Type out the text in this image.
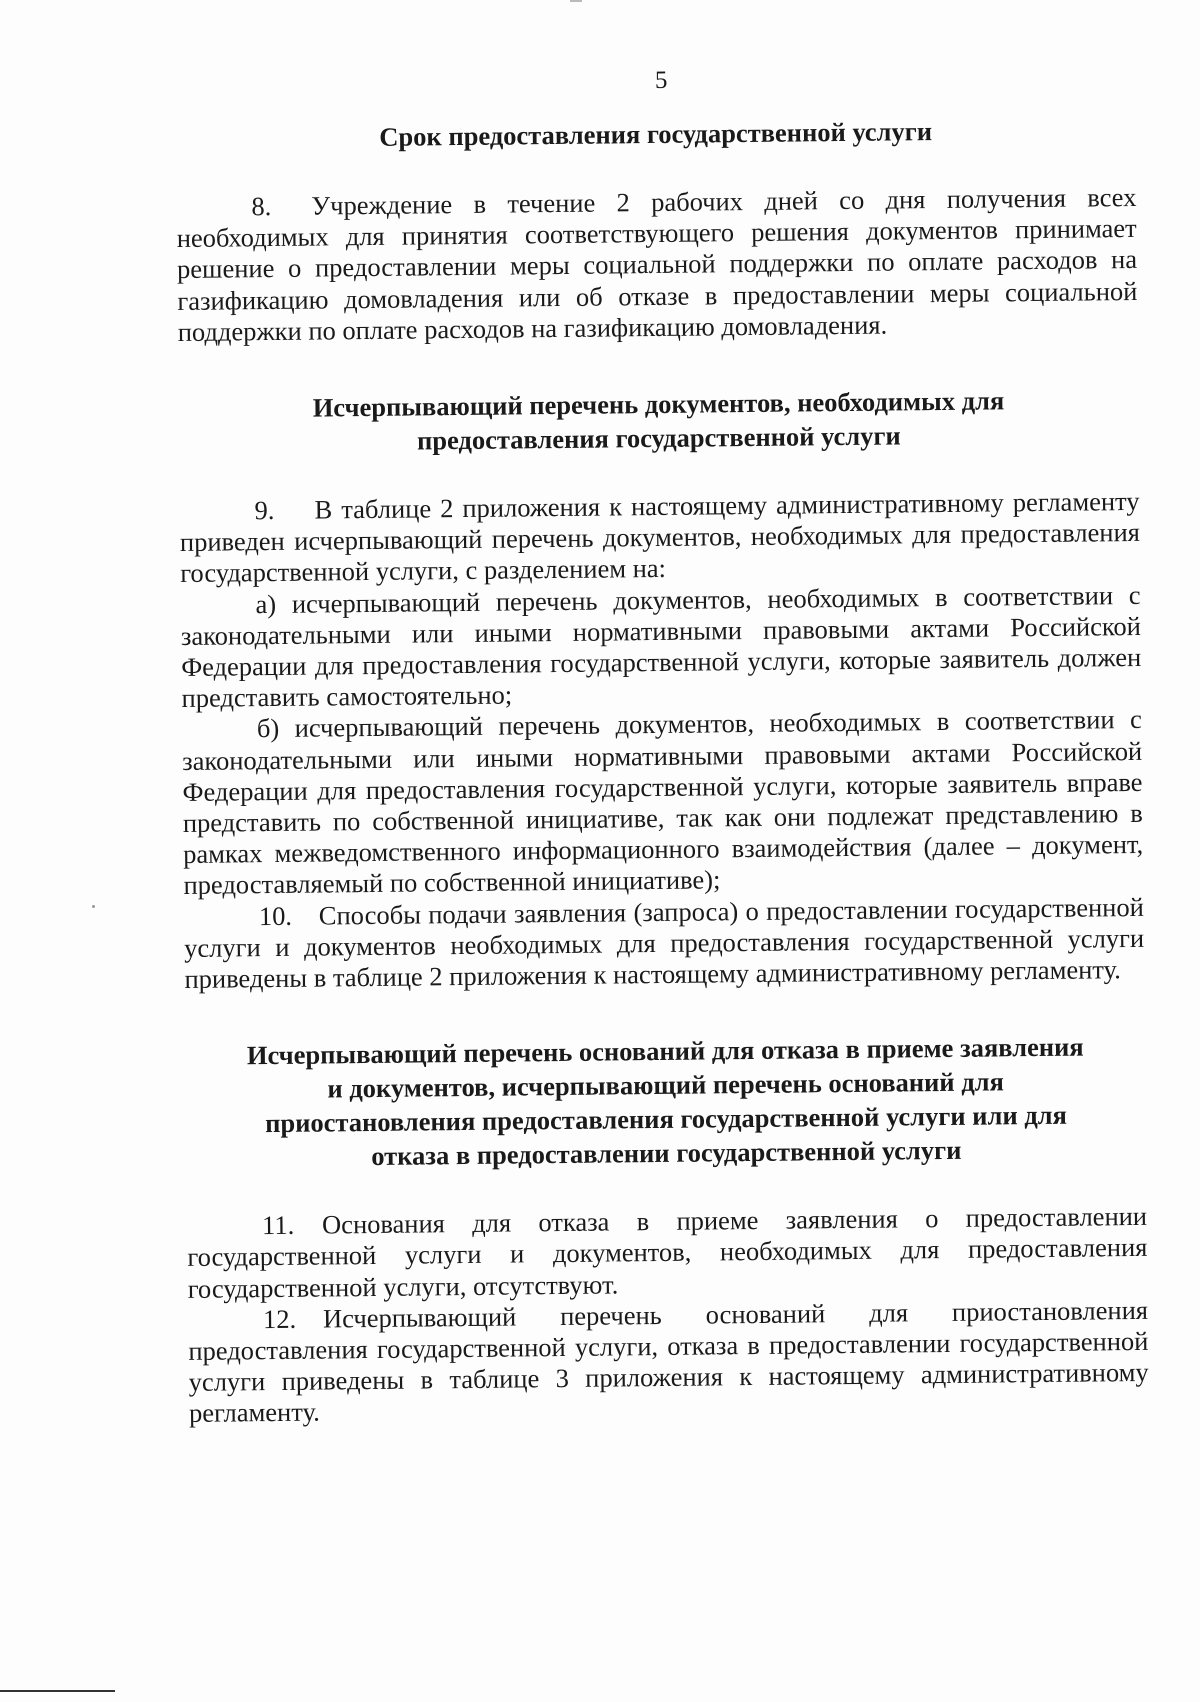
5
Срок предоставления государственной услуги

8. Учреждение в течение 2 рабочих дней со дня получения всех необходимых для принятия соответствующего решения документов принимает решение о предоставлении меры социальной поддержки по оплате расходов на газификацию домовладения или об отказе в предоставлении меры социальной поддержки по оплате расходов на газификацию домовладения.

Исчерпывающий перечень документов, необходимых для
предоставления государственной услуги

9. В таблице 2 приложения к настоящему административному регламенту приведен исчерпывающий перечень документов, необходимых для предоставления государственной услуги, с разделением на:

а) исчерпывающий перечень документов, необходимых в соответствии с законодательными или иными нормативными правовыми актами Российской Федерации для предоставления государственной услуги, которые заявитель должен представить самостоятельно;

б) исчерпывающий перечень документов, необходимых в соответствии с законодательными или иными нормативными правовыми актами Российской Федерации для предоставления государственной услуги, которые заявитель вправе представить по собственной инициативе, так как они подлежат представлению в рамках межведомственного информационного взаимодействия (далее – документ, предоставляемый по собственной инициативе);

10. Способы подачи заявления (запроса) о предоставлении государственной услуги и документов необходимых для предоставления государственной услуги приведены в таблице 2 приложения к настоящему административному регламенту.

Исчерпывающий перечень оснований для отказа в приеме заявления
и документов, исчерпывающий перечень оснований для
приостановления предоставления государственной услуги или для
отказа в предоставлении государственной услуги

11. Основания для отказа в приеме заявления о предоставлении государственной услуги и документов, необходимых для предоставления государственной услуги, отсутствуют.

12. Исчерпывающий перечень оснований для приостановления предоставления государственной услуги, отказа в предоставлении государственной услуги приведены в таблице 3 приложения к настоящему административному регламенту.
